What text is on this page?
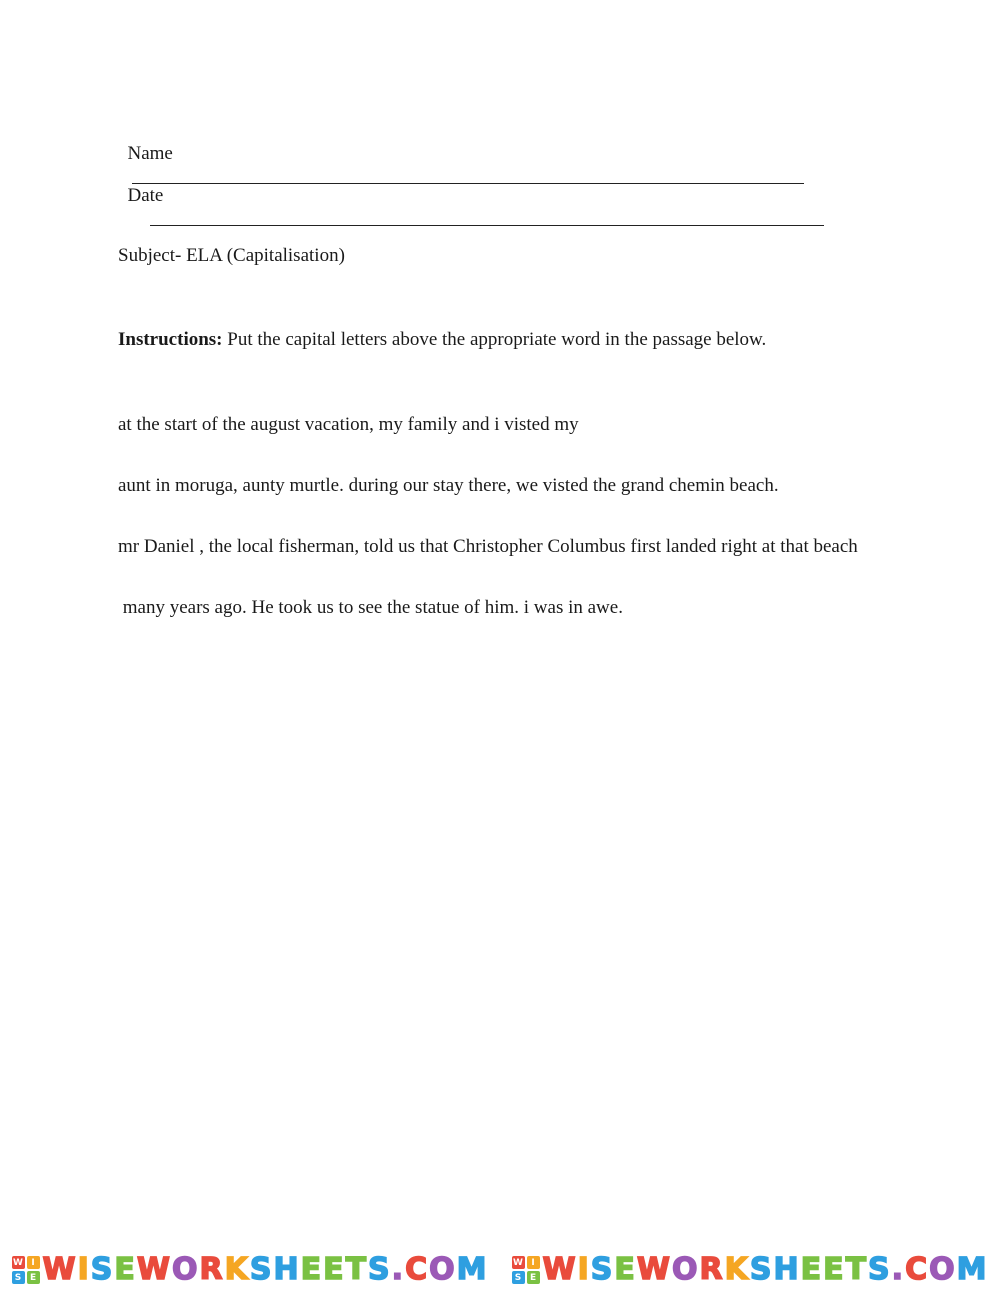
Name

Date

Subject- ELA (Capitalisation)
Instructions: Put the capital letters above the appropriate word in the passage below.
at the start of the august vacation, my family and i visted my
aunt in moruga, aunty murtle. during our stay there, we visted the grand chemin beach.
mr Daniel , the local fisherman, told us that Christopher Columbus first landed right at that beach
many years ago. He took us to see the statue of him. i was in awe.
W I
S E WISEWORKSHEETS.COM	W I
S E WISEWORKSHEETS.COM
